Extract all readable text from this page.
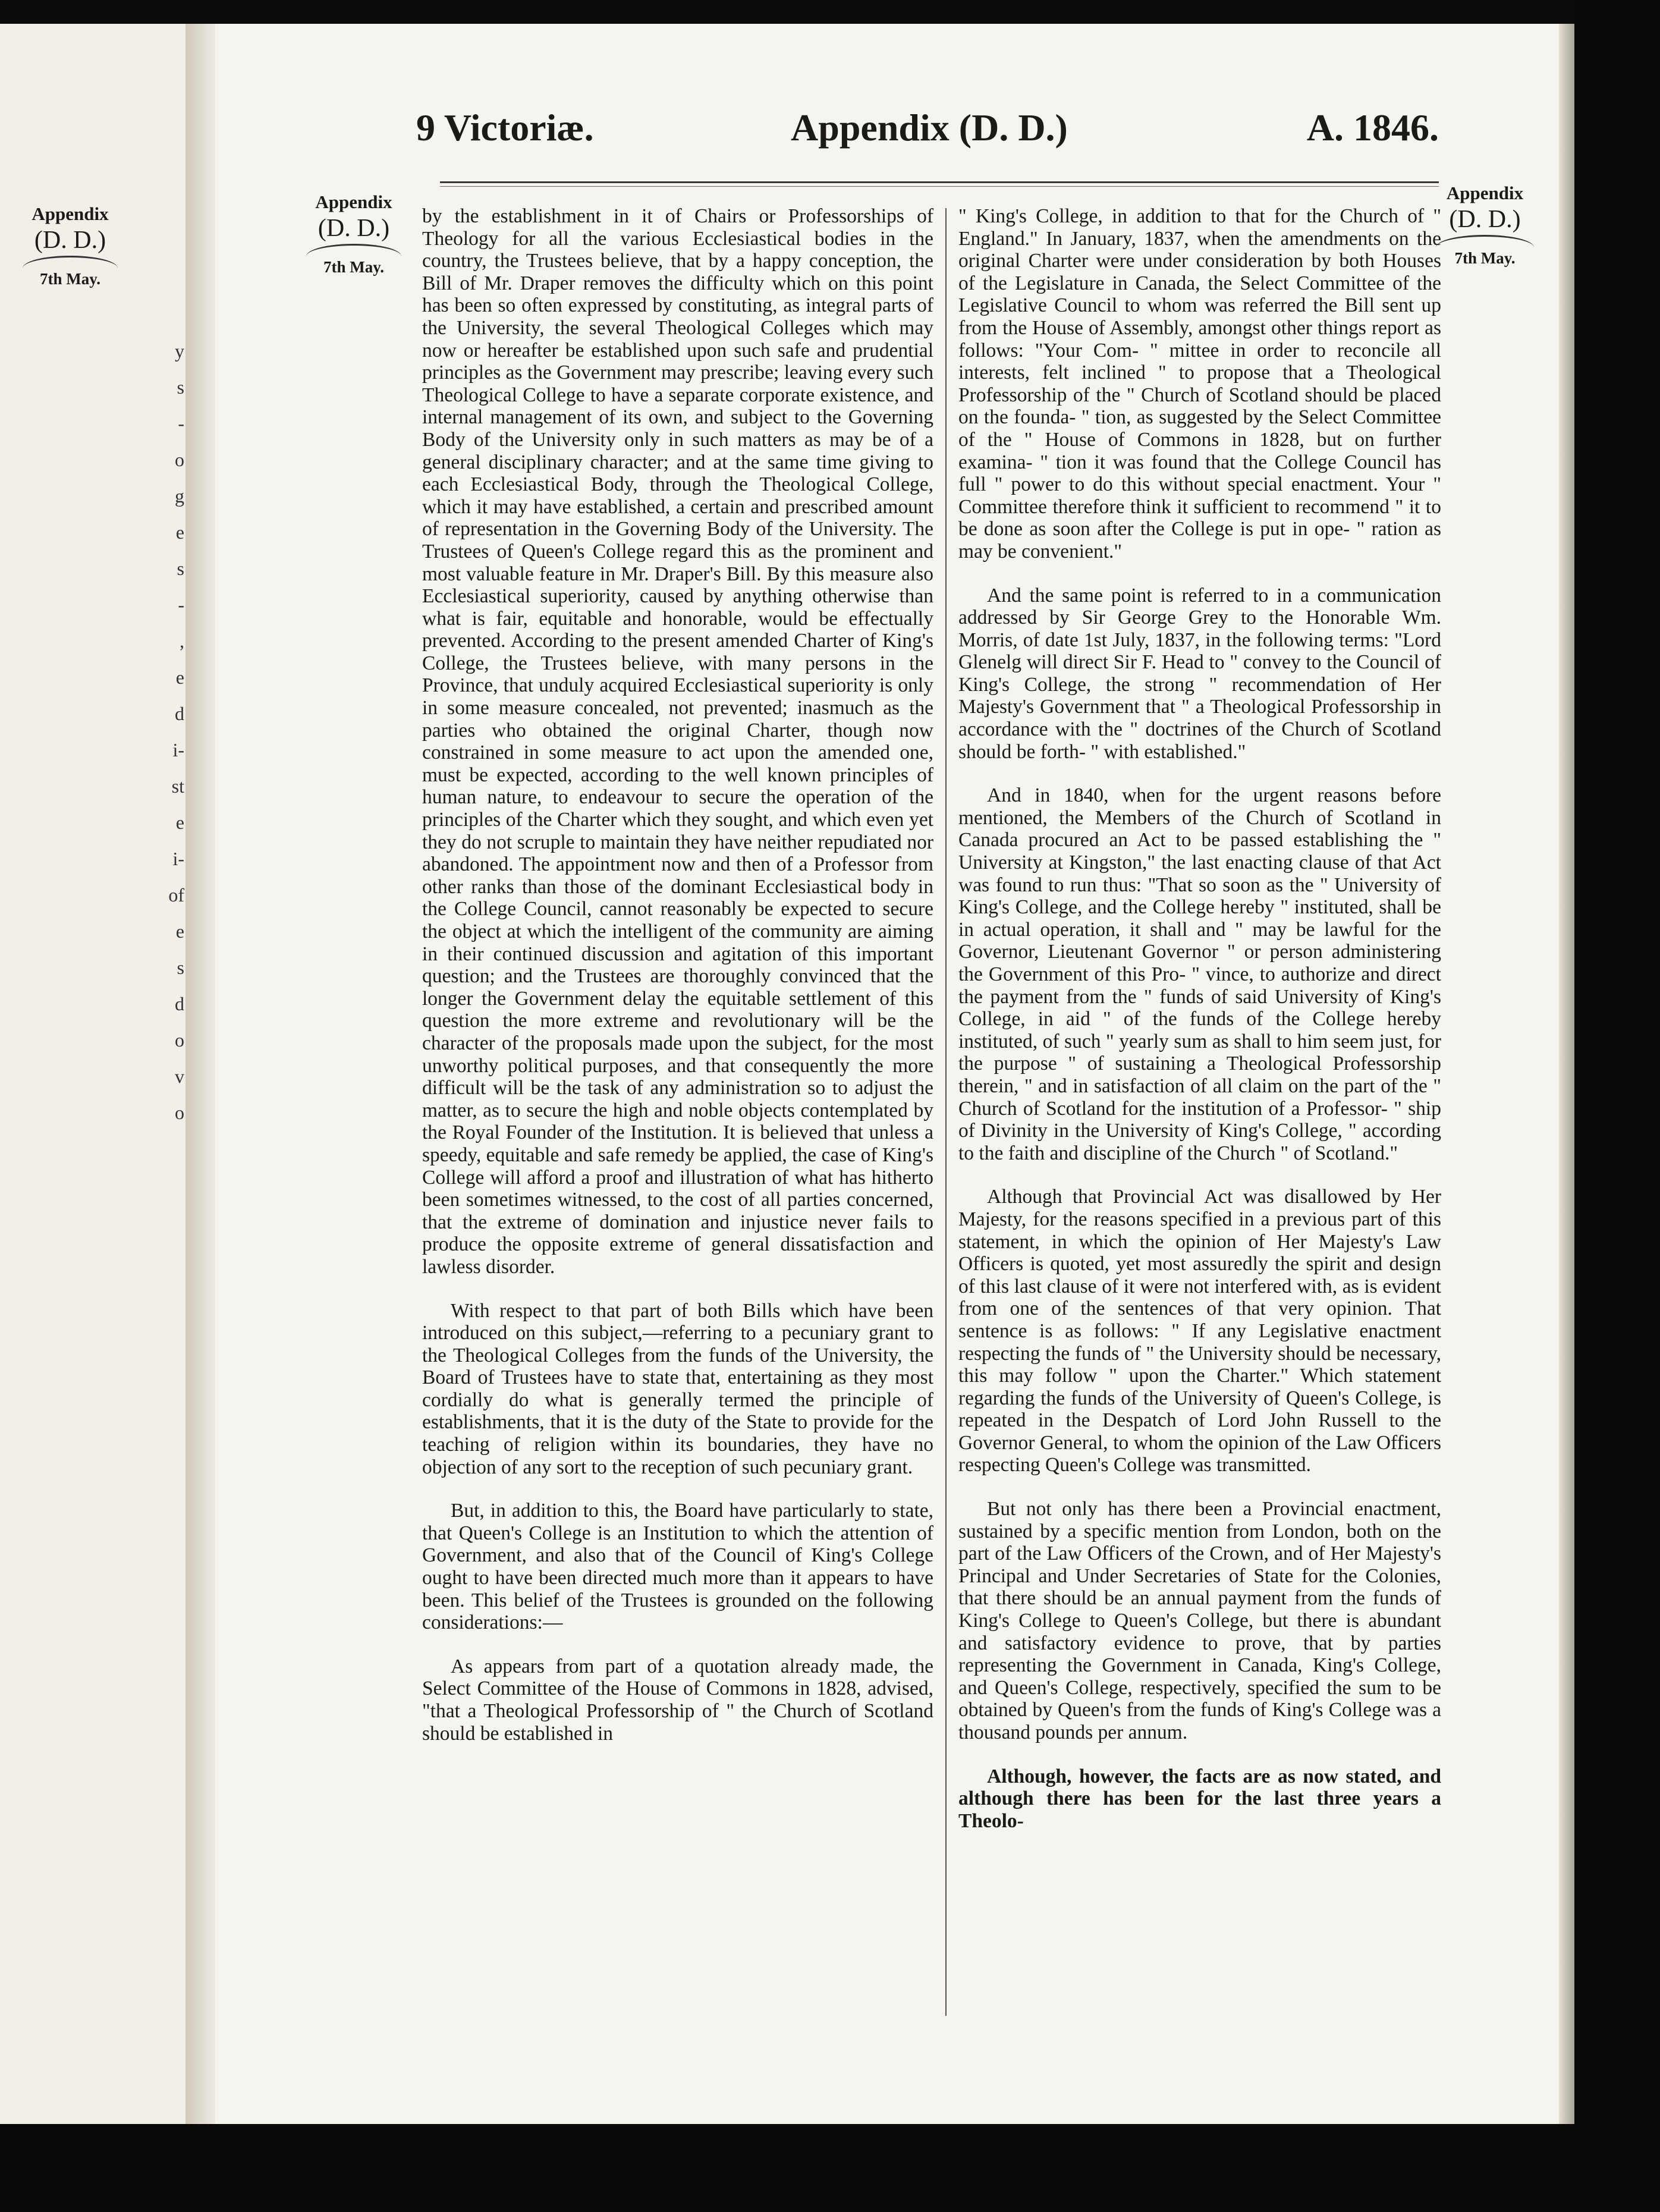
Appendix
(D. D.)
7th May.
y
s
-
o
g
e
s
-
,
e
d
i-
st
e
i-
of
e
s
d
o
v
o
9 Victoriæ.	Appendix (D. D.)	A. 1846.
Appendix
(D. D.)
7th May.
Appendix
(D. D.)
7th May.

by the establishment in it of Chairs or Professorships of Theology for all the various Ecclesiastical bodies in the country, the Trustees believe, that by a happy conception, the Bill of Mr. Draper removes the difficulty which on this point has been so often expressed by constituting, as integral parts of the University, the several Theological Colleges which may now or hereafter be established upon such safe and prudential principles as the Government may prescribe; leaving every such Theological College to have a separate corporate existence, and internal management of its own, and subject to the Governing Body of the University only in such matters as may be of a general disciplinary character; and at the same time giving to each Ecclesiastical Body, through the Theological College, which it may have established, a certain and prescribed amount of representation in the Governing Body of the University. The Trustees of Queen's College regard this as the prominent and most valuable feature in Mr. Draper's Bill. By this measure also Ecclesiastical superiority, caused by anything otherwise than what is fair, equitable and honorable, would be effectually prevented. According to the present amended Charter of King's College, the Trustees believe, with many persons in the Province, that unduly acquired Ecclesiastical superiority is only in some measure concealed, not prevented; inasmuch as the parties who obtained the original Charter, though now constrained in some measure to act upon the amended one, must be expected, according to the well known principles of human nature, to endeavour to secure the operation of the principles of the Charter which they sought, and which even yet they do not scruple to maintain they have neither repudiated nor abandoned. The appointment now and then of a Professor from other ranks than those of the dominant Ecclesiastical body in the College Council, cannot reasonably be expected to secure the object at which the intelligent of the community are aiming in their continued discussion and agitation of this important question; and the Trustees are thoroughly convinced that the longer the Government delay the equitable settlement of this question the more extreme and revolutionary will be the character of the proposals made upon the subject, for the most unworthy political purposes, and that consequently the more difficult will be the task of any administration so to adjust the matter, as to secure the high and noble objects contemplated by the Royal Founder of the Institution. It is believed that unless a speedy, equitable and safe remedy be applied, the case of King's College will afford a proof and illustration of what has hitherto been sometimes witnessed, to the cost of all parties concerned, that the extreme of domination and injustice never fails to produce the opposite extreme of general dissatisfaction and lawless disorder.

With respect to that part of both Bills which have been introduced on this subject,—referring to a pecuniary grant to the Theological Colleges from the funds of the University, the Board of Trustees have to state that, entertaining as they most cordially do what is generally termed the principle of establishments, that it is the duty of the State to provide for the teaching of religion within its boundaries, they have no objection of any sort to the reception of such pecuniary grant.

But, in addition to this, the Board have particularly to state, that Queen's College is an Institution to which the attention of Government, and also that of the Council of King's College ought to have been directed much more than it appears to have been. This belief of the Trustees is grounded on the following considerations:—

As appears from part of a quotation already made, the Select Committee of the House of Commons in 1828, advised, "that a Theological Professorship of " the Church of Scotland should be established in

" King's College, in addition to that for the Church of " England." In January, 1837, when the amendments on the original Charter were under consideration by both Houses of the Legislature in Canada, the Select Committee of the Legislative Council to whom was referred the Bill sent up from the House of Assembly, amongst other things report as follows: "Your Com- " mittee in order to reconcile all interests, felt inclined " to propose that a Theological Professorship of the " Church of Scotland should be placed on the founda- " tion, as suggested by the Select Committee of the " House of Commons in 1828, but on further examina- " tion it was found that the College Council has full " power to do this without special enactment. Your " Committee therefore think it sufficient to recommend " it to be done as soon after the College is put in ope- " ration as may be convenient."

And the same point is referred to in a communication addressed by Sir George Grey to the Honorable Wm. Morris, of date 1st July, 1837, in the following terms: "Lord Glenelg will direct Sir F. Head to " convey to the Council of King's College, the strong " recommendation of Her Majesty's Government that " a Theological Professorship in accordance with the " doctrines of the Church of Scotland should be forth- " with established."

And in 1840, when for the urgent reasons before mentioned, the Members of the Church of Scotland in Canada procured an Act to be passed establishing the " University at Kingston," the last enacting clause of that Act was found to run thus: "That so soon as the " University of King's College, and the College hereby " instituted, shall be in actual operation, it shall and " may be lawful for the Governor, Lieutenant Governor " or person administering the Government of this Pro- " vince, to authorize and direct the payment from the " funds of said University of King's College, in aid " of the funds of the College hereby instituted, of such " yearly sum as shall to him seem just, for the purpose " of sustaining a Theological Professorship therein, " and in satisfaction of all claim on the part of the " Church of Scotland for the institution of a Professor- " ship of Divinity in the University of King's College, " according to the faith and discipline of the Church " of Scotland."

Although that Provincial Act was disallowed by Her Majesty, for the reasons specified in a previous part of this statement, in which the opinion of Her Majesty's Law Officers is quoted, yet most assuredly the spirit and design of this last clause of it were not interfered with, as is evident from one of the sentences of that very opinion. That sentence is as follows: " If any Legislative enactment respecting the funds of " the University should be necessary, this may follow " upon the Charter." Which statement regarding the funds of the University of Queen's College, is repeated in the Despatch of Lord John Russell to the Governor General, to whom the opinion of the Law Officers respecting Queen's College was transmitted.

But not only has there been a Provincial enactment, sustained by a specific mention from London, both on the part of the Law Officers of the Crown, and of Her Majesty's Principal and Under Secretaries of State for the Colonies, that there should be an annual payment from the funds of King's College to Queen's College, but there is abundant and satisfactory evidence to prove, that by parties representing the Government in Canada, King's College, and Queen's College, respectively, specified the sum to be obtained by Queen's from the funds of King's College was a thousand pounds per annum.

Although, however, the facts are as now stated, and although there has been for the last three years a Theolo-
